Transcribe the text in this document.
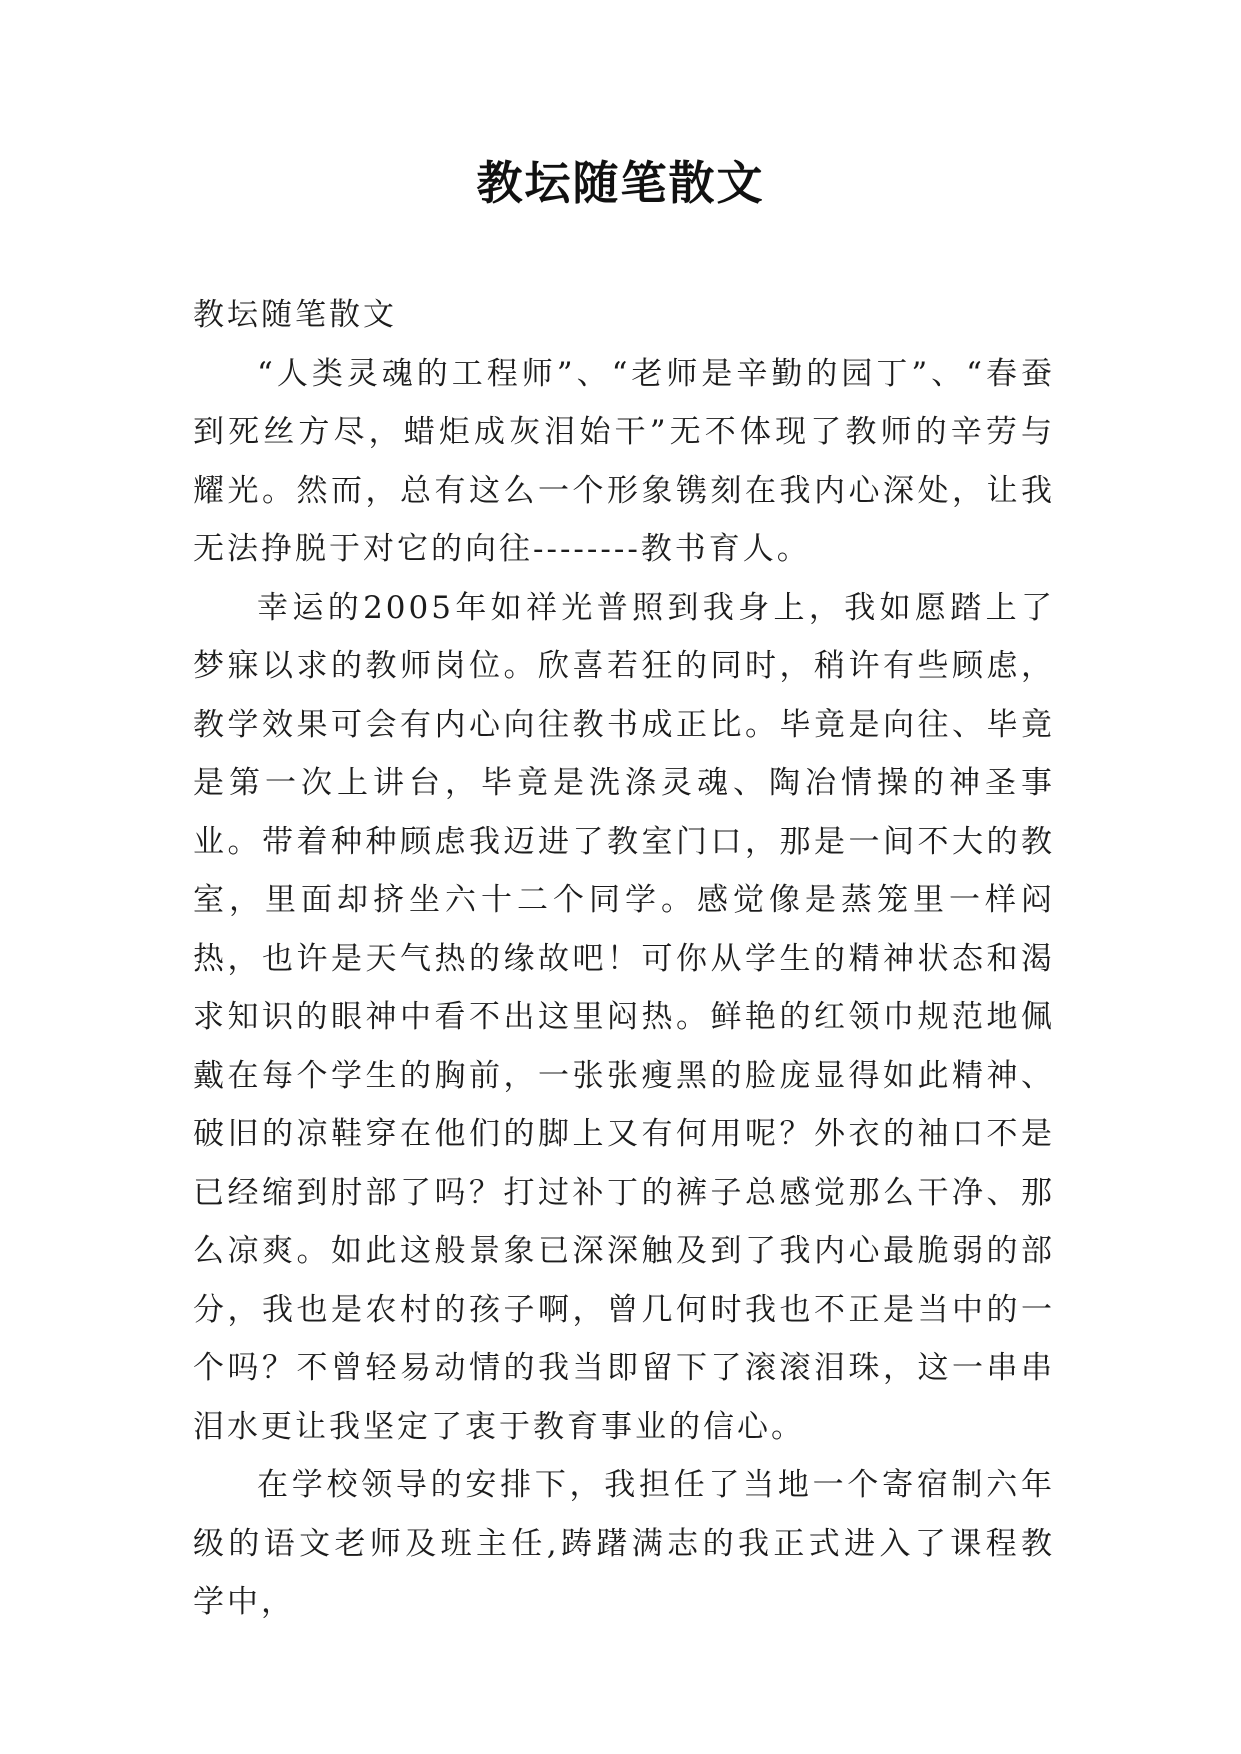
教坛随笔散文

教坛随笔散文

“人类灵魂的工程师”、“老师是辛勤的园丁”、“春蚕到死丝方尽，蜡炬成灰泪始干”无不体现了教师的辛劳与耀光。然而，总有这么一个形象镌刻在我内心深处，让我无法挣脱于对它的向往--------教书育人。

幸运的2005年如祥光普照到我身上，我如愿踏上了梦寐以求的教师岗位。欣喜若狂的同时，稍许有些顾虑，教学效果可会有内心向往教书成正比。毕竟是向往、毕竟是第一次上讲台，毕竟是洗涤灵魂、陶冶情操的神圣事业。带着种种顾虑我迈进了教室门口，那是一间不大的教室，里面却挤坐六十二个同学。感觉像是蒸笼里一样闷热，也许是天气热的缘故吧！可你从学生的精神状态和渴求知识的眼神中看不出这里闷热。鲜艳的红领巾规范地佩戴在每个学生的胸前，一张张瘦黑的脸庞显得如此精神、破旧的凉鞋穿在他们的脚上又有何用呢？外衣的袖口不是已经缩到肘部了吗？打过补丁的裤子总感觉那么干净、那么凉爽。如此这般景象已深深触及到了我内心最脆弱的部分，我也是农村的孩子啊，曾几何时我也不正是当中的一个吗？不曾轻易动情的我当即留下了滚滚泪珠，这一串串泪水更让我坚定了衷于教育事业的信心。

在学校领导的安排下，我担任了当地一个寄宿制六年级的语文老师及班主任,踌躇满志的我正式进入了课程教学中，
